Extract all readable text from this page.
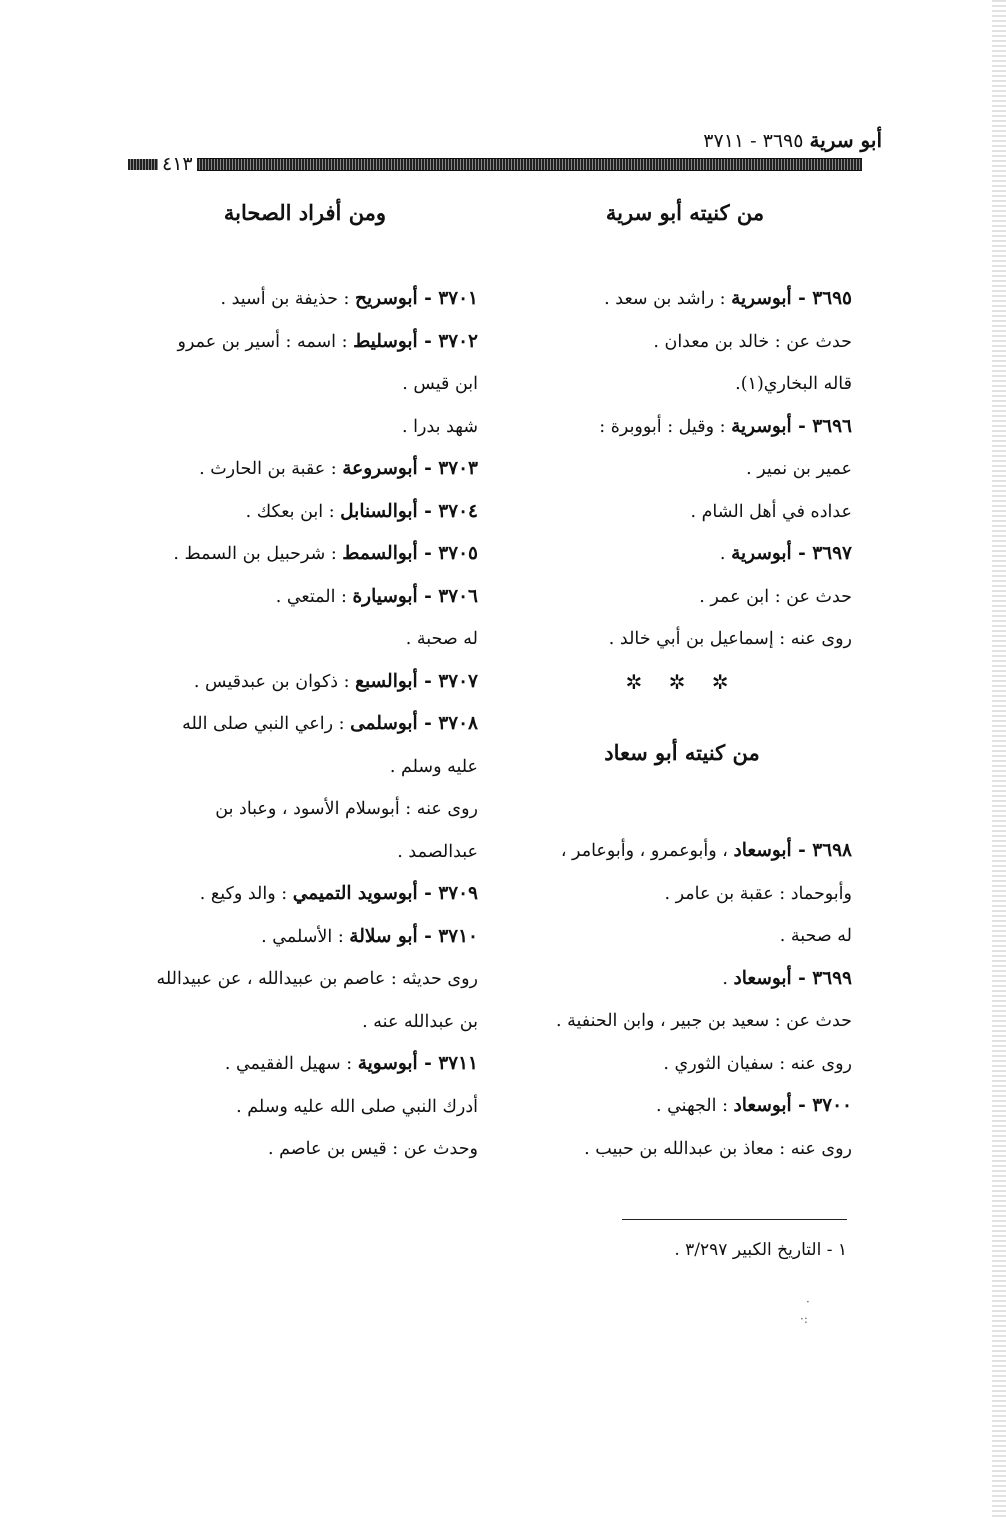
أبو سرية ٣٦٩٥ - ٣٧١١
٤١٣
من كنيته أبو سرية
ومن أفراد الصحابة
٣٦٩٥ - أبوسرية : راشد بن سعد .
حدث عن : خالد بن معدان .
قاله البخاري(١).
٣٦٩٦ - أبوسرية : وقيل : أبووبرة :
عمير بن نمير .
عداده في أهل الشام .
٣٦٩٧ - أبوسرية .
حدث عن : ابن عمر .
روى عنه : إسماعيل بن أبي خالد .
✲ ✲ ✲
من كنيته أبو سعاد
٣٦٩٨ - أبوسعاد ، وأبوعمرو ، وأبوعامر ،
وأبوحماد : عقبة بن عامر .
له صحبة .
٣٦٩٩ - أبوسعاد .
حدث عن : سعيد بن جبير ، وابن الحنفية .
روى عنه : سفيان الثوري .
٣٧٠٠ - أبوسعاد : الجهني .
روى عنه : معاذ بن عبدالله بن حبيب .
٣٧٠١ - أبوسريح : حذيفة بن أسيد .
٣٧٠٢ - أبوسليط : اسمه : أسير بن عمرو
ابن قيس .
شهد بدرا .
٣٧٠٣ - أبوسروعة : عقبة بن الحارث .
٣٧٠٤ - أبوالسنابل : ابن بعكك .
٣٧٠٥ - أبوالسمط : شرحبيل بن السمط .
٣٧٠٦ - أبوسيارة : المتعي .
له صحبة .
٣٧٠٧ - أبوالسبع : ذكوان بن عبدقيس .
٣٧٠٨ - أبوسلمى : راعي النبي صلى الله
عليه وسلم .
روى عنه : أبوسلام الأسود ، وعباد بن
عبدالصمد .
٣٧٠٩ - أبوسويد التميمي : والد وكيع .
٣٧١٠ - أبو سلالة : الأسلمي .
روى حديثه : عاصم بن عبيدالله ، عن عبيدالله
بن عبدالله عنه .
٣٧١١ - أبوسوية : سهيل الفقيمي .
أدرك النبي صلى الله عليه وسلم .
وحدث عن : قيس بن عاصم .
١ - التاريخ الكبير ٣/٢٩٧ .
·
·:
